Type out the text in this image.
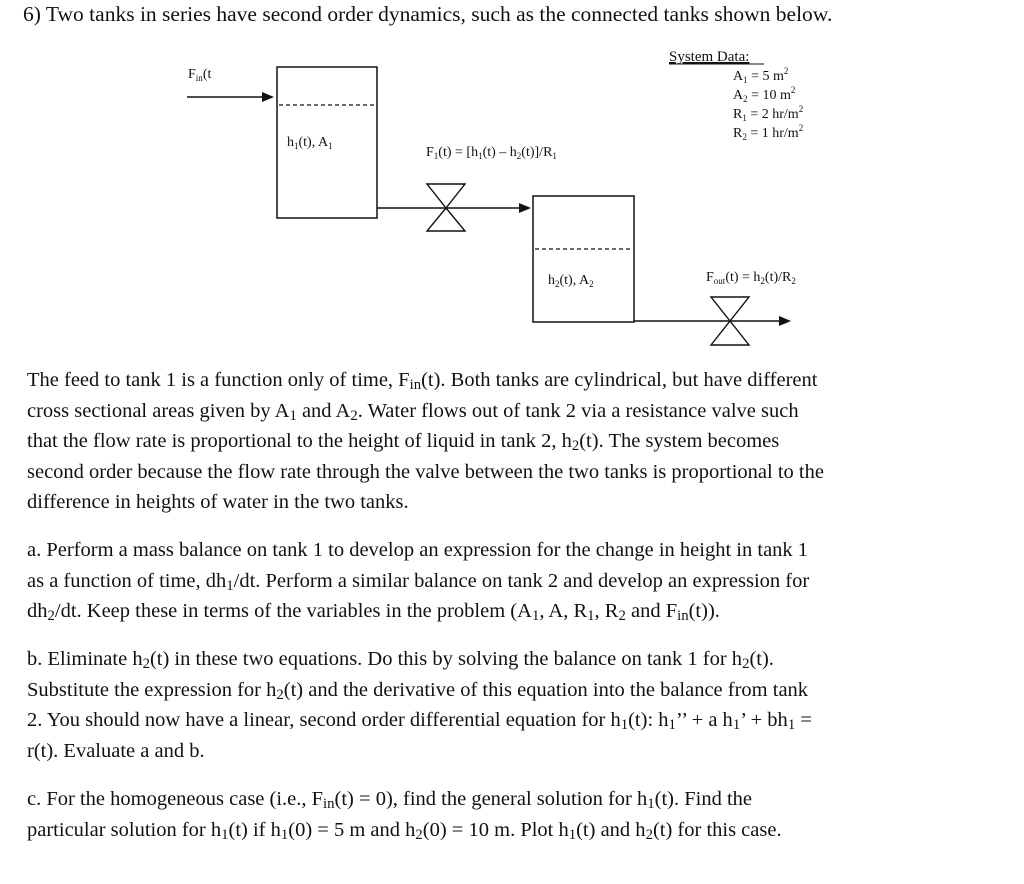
6) Two tanks in series have second order dynamics, such as the connected tanks shown below.
$F_{in}(t$
$h_1(t)$, $A_1$	$F_1(t) = [h_1(t) - h_2(t)]/R_1$
$h_2(t)$, $A_2$	$F_{out}(t) = h_2(t)/R_2$
System Data:
$A_1 = 5$ $m^2$
$A_2 = 10$ $m^2$
$R_1 = 2$ $hr/m^2$
$R_2 = 1$ $hr/m^2$
The feed to tank 1 is a function only of time, $F_{in}(t)$. Both tanks are cylindrical, but have different
cross sectional areas given by $A_1$ and $A_2$. Water flows out of tank 2 via a resistance valve such
that the flow rate is proportional to the height of liquid in tank 2, $h_2(t)$. The system becomes
second order because the flow rate through the valve between the two tanks is proportional to the
difference in heights of water in the two tanks.
a. Perform a mass balance on tank 1 to develop an expression for the change in height in tank 1
as a function of time, $dh_1/dt$. Perform a similar balance on tank 2 and develop an expression for
$dh_2/dt$. Keep these in terms of the variables in the problem ($A_1$, A, $R_1$, $R_2$ and $F_{in}(t)$).
b. Eliminate $h_2(t)$ in these two equations. Do this by solving the balance on tank 1 for $h_2(t)$.
Substitute the expression for $h_2(t)$ and the derivative of this equation into the balance from tank
2. You should now have a linear, second order differential equation for $h_1(t)$: $h_1$’’ + a $h_1$’ + $bh_1$ =
r(t). Evaluate a and b.
c. For the homogeneous case (i.e., $F_{in}(t) = 0$), find the general solution for $h_1(t)$. Find the
particular solution for $h_1(t)$ if $h_1(0) = 5$ m and $h_2(0) = 10$ m. Plot $h_1(t)$ and $h_2(t)$ for this case.
